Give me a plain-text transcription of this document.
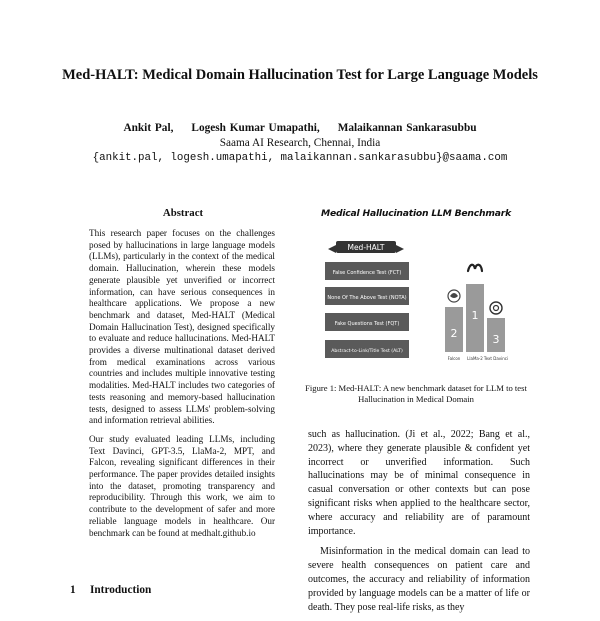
Med-HALT: Medical Domain Hallucination Test for Large Language Models
Ankit Pal, Logesh Kumar Umapathi, Malaikannan Sankarasubbu
Saama AI Research, Chennai, India
{ankit.pal, logesh.umapathi, malaikannan.sankarasubbu}@saama.com
Abstract

This research paper focuses on the challenges posed by hallucinations in large language models (LLMs), particularly in the context of the medical domain. Hallucination, wherein these models generate plausible yet unverified or incorrect information, can have serious consequences in healthcare applications. We propose a new benchmark and dataset, Med-HALT (Medical Domain Hallucination Test), designed specifically to evaluate and reduce hallucinations. Med-HALT provides a diverse multinational dataset derived from medical examinations across various countries and includes multiple innovative testing modalities. Med-HALT includes two categories of tests reasoning and memory-based hallucination tests, designed to assess LLMs' problem-solving and information retrieval abilities.

Our study evaluated leading LLMs, including Text Davinci, GPT-3.5, LlaMa-2, MPT, and Falcon, revealing significant differences in their performance. The paper provides detailed insights into the dataset, promoting transparency and reproducibility. Through this work, we aim to contribute to the development of safer and more reliable language models in healthcare. Our benchmark can be found at medhalt.github.io

1 Introduction
Medical Hallucination LLM Benchmark
Med-HALT
False Confidence Test (FCT)
None Of The Above Test (NOTA)
Fake Questions Test (FQT)
Abstract-to-Link/Title Test (ALT)
2
1
3
Falcon LlaMa-2 Text Davinci
Figure 1: Med-HALT: A new benchmark dataset for LLM to test Hallucination in Medical Domain

such as hallucination. (Ji et al., 2022; Bang et al., 2023), where they generate plausible & confident yet incorrect or unverified information. Such hallucinations may be of minimal consequence in casual conversation or other contexts but can pose significant risks when applied to the healthcare sector, where accuracy and reliability are of paramount importance.

Misinformation in the medical domain can lead to severe health consequences on patient care and outcomes, the accuracy and reliability of information provided by language models can be a matter of life or death. They pose real-life risks, as they
